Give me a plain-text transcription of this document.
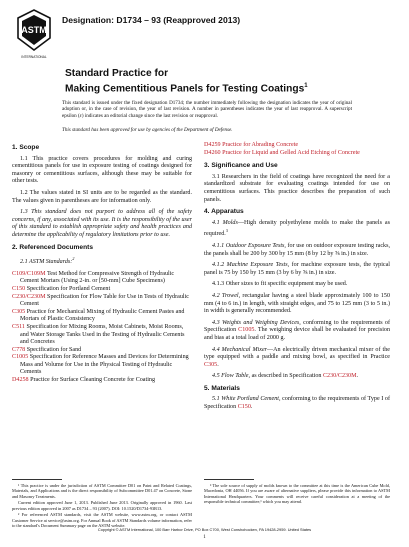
ASTM
INTERNATIONAL
Designation: D1734 – 93 (Reapproved 2013)
Standard Practice for
Making Cementitious Panels for Testing Coatings$^1$
This standard is issued under the fixed designation D1734; the number immediately following the designation indicates the year of original adoption or, in the case of revision, the year of last revision. A number in parentheses indicates the year of last reapproval. A superscript epsilon (ε) indicates an editorial change since the last revision or reapproval.
This standard has been approved for use by agencies of the Department of Defense.
1. Scope

1.1 This practice covers procedures for molding and curing cementitious panels for use in exposure testing of coatings designed for masonry or cementitious surfaces, although these may be suitable for other tests.

1.2 The values stated in SI units are to be regarded as the standard. The values given in parentheses are for information only.

1.3 This standard does not purport to address all of the safety concerns, if any, associated with its use. It is the responsibility of the user of this standard to establish appropriate safety and health practices and determine the applicability of regulatory limitations prior to use.

2. Referenced Documents

2.1 ASTM Standards:$^2$

C109/C109M Test Method for Compressive Strength of Hydraulic Cement Mortars (Using 2-in. or [50-mm] Cube Specimens)
C150 Specification for Portland Cement
C230/C230M Specification for Flow Table for Use in Tests of Hydraulic Cement
C305 Practice for Mechanical Mixing of Hydraulic Cement Pastes and Mortars of Plastic Consistency
C511 Specification for Mixing Rooms, Moist Cabinets, Moist Rooms, and Water Storage Tanks Used in the Testing of Hydraulic Cements and Concretes
C778 Specification for Sand
C1005 Specification for Reference Masses and Devices for Determining Mass and Volume for Use in the Physical Testing of Hydraulic Cements
D4258 Practice for Surface Cleaning Concrete for Coating
D4259 Practice for Abrading Concrete
D4260 Practice for Liquid and Gelled Acid Etching of Concrete
3. Significance and Use

3.1 Researchers in the field of coatings have recognized the need for a standardized substrate for evaluating coatings intended for use on cementitious surfaces. This practice describes the preparation of such panels.

4. Apparatus

4.1 Molds—High density polyethylene molds to make the panels as required.$^3$

4.1.1 Outdoor Exposure Tests, for use on outdoor exposure testing racks, the panels shall be 200 by 300 by 15 mm (8 by 12 by ⅝ in.) in size.

4.1.2 Machine Exposure Tests, for machine exposure tests, the typical panel is 75 by 150 by 15 mm (3 by 6 by ⅝ in.) in size.

4.1.3 Other sizes to fit specific equipment may be used.

4.2 Trowel, rectangular having a steel blade approximately 100 to 150 mm (4 to 6 in.) in length, with straight edges, and 75 to 125 mm (3 to 5 in.) in width is generally recommended.

4.3 Weights and Weighing Devices, conforming to the requirements of Specification C1005. The weighing device shall be evaluated for precision and bias at a total load of 2000 g.

4.4 Mechanical Mixer—An electrically driven mechanical mixer of the type equipped with a paddle and mixing bowl, as specified in Practice C305.

4.5 Flow Table, as described in Specification C230/C230M.

5. Materials

5.1 White Portland Cement, conforming to the requirements of Type I of Specification C150.

¹ This practice is under the jurisdiction of ASTM Committee D01 on Paint and Related Coatings, Materials, and Applications and is the direct responsibility of Subcommittee D01.47 on Concrete, Stone and Masonry Treatments.

Current edition approved June 1, 2013. Published June 2013. Originally approved in 1960. Last previous edition approved in 2007 as D1734 – 93 (2007). DOI: 10.1520/D1734-93R13.

² For referenced ASTM standards, visit the ASTM website, www.astm.org, or contact ASTM Customer Service at service@astm.org. For Annual Book of ASTM Standards volume information, refer to the standard's Document Summary page on the ASTM website.

³ The sole source of supply of molds known to the committee at this time is the American Cube Mold, Macedonia, OH 44056. If you are aware of alternative suppliers, please provide this information to ASTM International Headquarters. Your comments will receive careful consideration at a meeting of the responsible technical committee,¹ which you may attend.

Copyright © ASTM International, 100 Barr Harbor Drive, PO Box C700, West Conshohocken, PA 19428-2959. United States
1
